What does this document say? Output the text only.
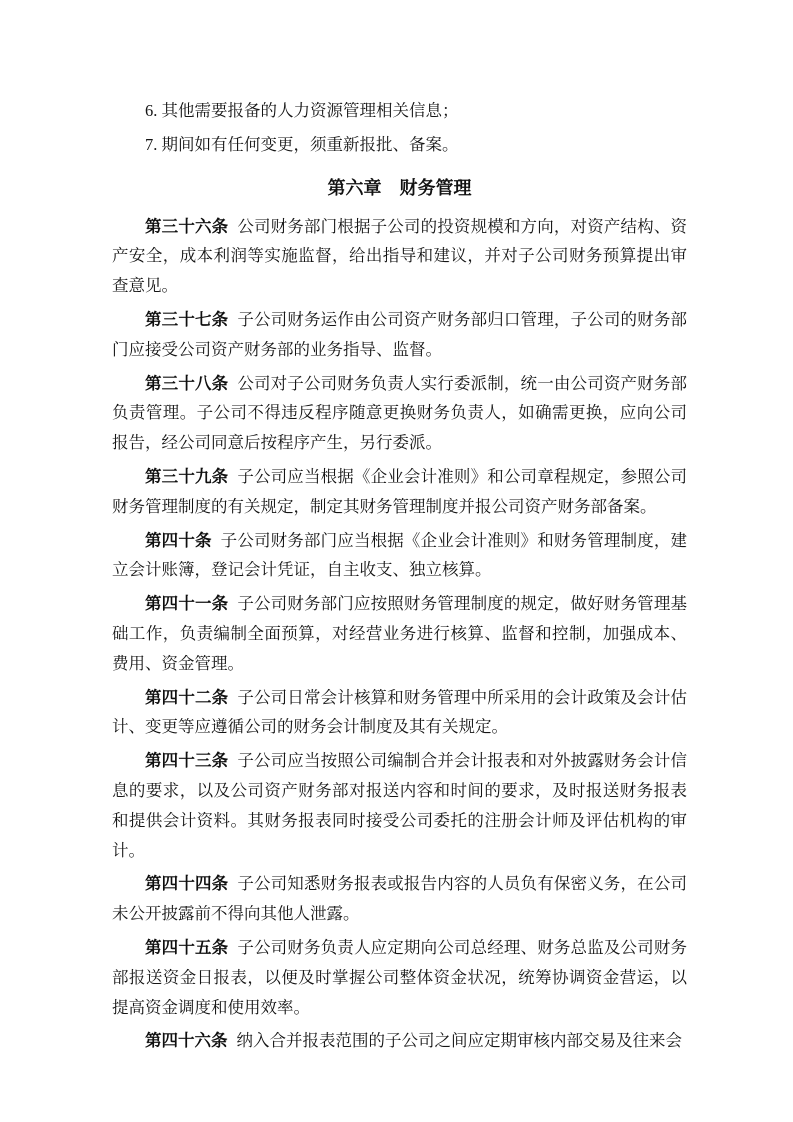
6. 其他需要报备的人力资源管理相关信息；

7. 期间如有任何变更，须重新报批、备案。

第六章　财务管理

第三十六条 公司财务部门根据子公司的投资规模和方向，对资产结构、资产安全，成本利润等实施监督，给出指导和建议，并对子公司财务预算提出审查意见。

第三十七条 子公司财务运作由公司资产财务部归口管理，子公司的财务部门应接受公司资产财务部的业务指导、监督。

第三十八条 公司对子公司财务负责人实行委派制，统一由公司资产财务部负责管理。子公司不得违反程序随意更换财务负责人，如确需更换，应向公司报告，经公司同意后按程序产生，另行委派。

第三十九条 子公司应当根据《企业会计准则》和公司章程规定，参照公司财务管理制度的有关规定，制定其财务管理制度并报公司资产财务部备案。

第四十条 子公司财务部门应当根据《企业会计准则》和财务管理制度，建立会计账簿，登记会计凭证，自主收支、独立核算。

第四十一条 子公司财务部门应按照财务管理制度的规定，做好财务管理基础工作，负责编制全面预算，对经营业务进行核算、监督和控制，加强成本、费用、资金管理。

第四十二条 子公司日常会计核算和财务管理中所采用的会计政策及会计估计、变更等应遵循公司的财务会计制度及其有关规定。

第四十三条 子公司应当按照公司编制合并会计报表和对外披露财务会计信息的要求，以及公司资产财务部对报送内容和时间的要求，及时报送财务报表和提供会计资料。其财务报表同时接受公司委托的注册会计师及评估机构的审计。

第四十四条 子公司知悉财务报表或报告内容的人员负有保密义务，在公司未公开披露前不得向其他人泄露。

第四十五条 子公司财务负责人应定期向公司总经理、财务总监及公司财务部报送资金日报表，以便及时掌握公司整体资金状况，统筹协调资金营运，以提高资金调度和使用效率。

第四十六条 纳入合并报表范围的子公司之间应定期审核内部交易及往来会
